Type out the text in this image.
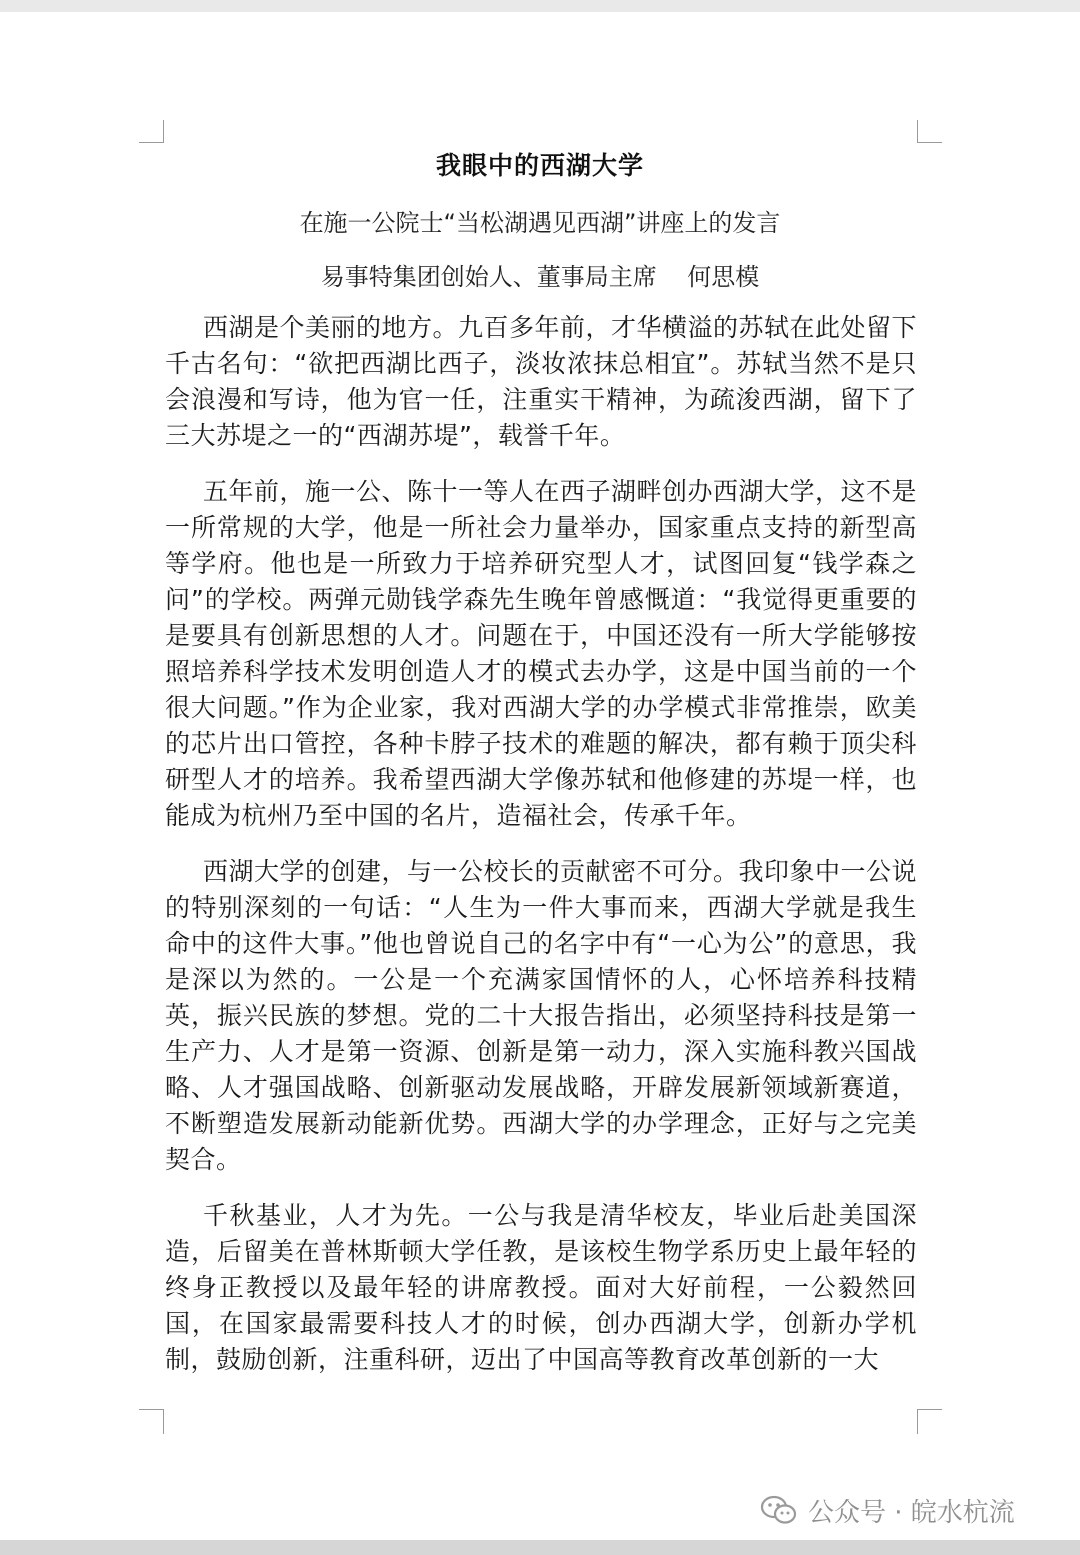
我眼中的西湖大学
在施一公院士“当松湖遇见西湖”讲座上的发言
易事特集团创始人、董事局主席    何思模

西湖是个美丽的地方。九百多年前，才华横溢的苏轼在此处留下千古名句：“欲把西湖比西子，淡妆浓抹总相宜”。苏轼当然不是只会浪漫和写诗，他为官一任，注重实干精神，为疏浚西湖，留下了三大苏堤之一的“西湖苏堤”，载誉千年。

五年前，施一公、陈十一等人在西子湖畔创办西湖大学，这不是一所常规的大学，他是一所社会力量举办，国家重点支持的新型高等学府。他也是一所致力于培养研究型人才，试图回复“钱学森之问”的学校。两弹元勋钱学森先生晚年曾感慨道：“我觉得更重要的是要具有创新思想的人才。问题在于，中国还没有一所大学能够按照培养科学技术发明创造人才的模式去办学，这是中国当前的一个很大问题。”作为企业家，我对西湖大学的办学模式非常推崇，欧美的芯片出口管控，各种卡脖子技术的难题的解决，都有赖于顶尖科研型人才的培养。我希望西湖大学像苏轼和他修建的苏堤一样，也能成为杭州乃至中国的名片，造福社会，传承千年。

西湖大学的创建，与一公校长的贡献密不可分。我印象中一公说的特别深刻的一句话：“人生为一件大事而来，西湖大学就是我生命中的这件大事。”他也曾说自己的名字中有“一心为公”的意思，我是深以为然的。一公是一个充满家国情怀的人，心怀培养科技精英，振兴民族的梦想。党的二十大报告指出，必须坚持科技是第一生产力、人才是第一资源、创新是第一动力，深入实施科教兴国战略、人才强国战略、创新驱动发展战略，开辟发展新领域新赛道，不断塑造发展新动能新优势。西湖大学的办学理念，正好与之完美契合。

千秋基业，人才为先。一公与我是清华校友，毕业后赴美国深造，后留美在普林斯顿大学任教，是该校生物学系历史上最年轻的终身正教授以及最年轻的讲席教授。面对大好前程，一公毅然回国，在国家最需要科技人才的时候，创办西湖大学，创新办学机制，鼓励创新，注重科研，迈出了中国高等教育改革创新的一大

公众号 · 皖水杭流
